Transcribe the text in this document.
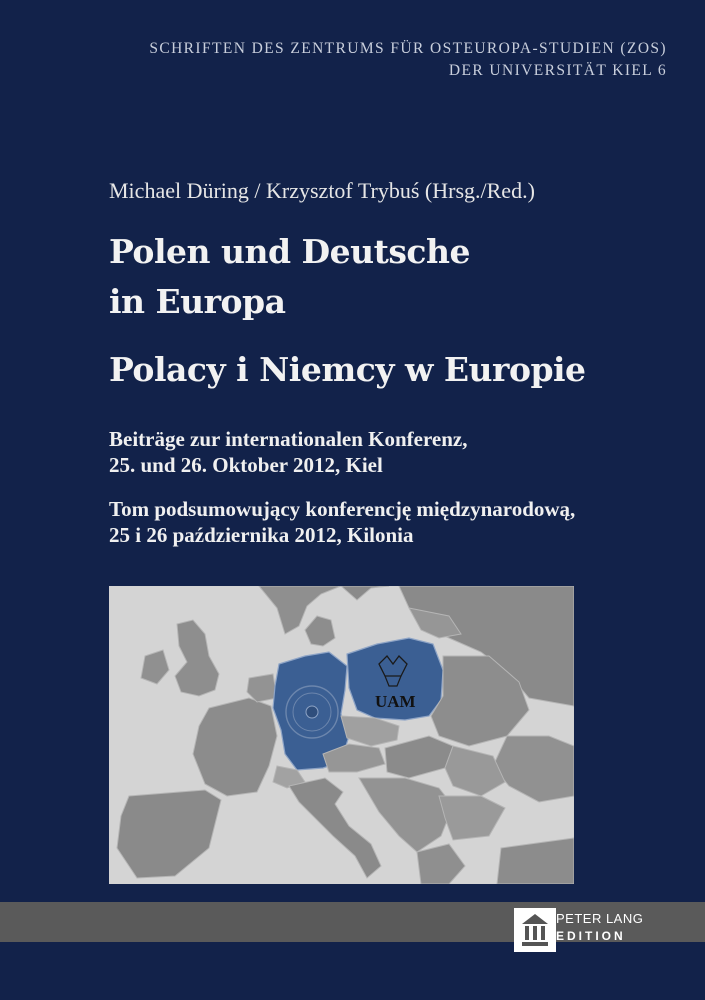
SCHRIFTEN DES ZENTRUMS FÜR OSTEUROPA-STUDIEN (ZOS)
DER UNIVERSITÄT KIEL 6
Michael Düring / Krzysztof Trybuś (Hrsg./Red.)
Polen und Deutsche
in Europa
Polacy i Niemcy w Europie
Beiträge zur internationalen Konferenz,
25. und 26. Oktober 2012, Kiel
Tom podsumowujący konferencję międzynarodową,
25 i 26 października 2012, Kilonia
UAM
PETER LANG
EDITION
